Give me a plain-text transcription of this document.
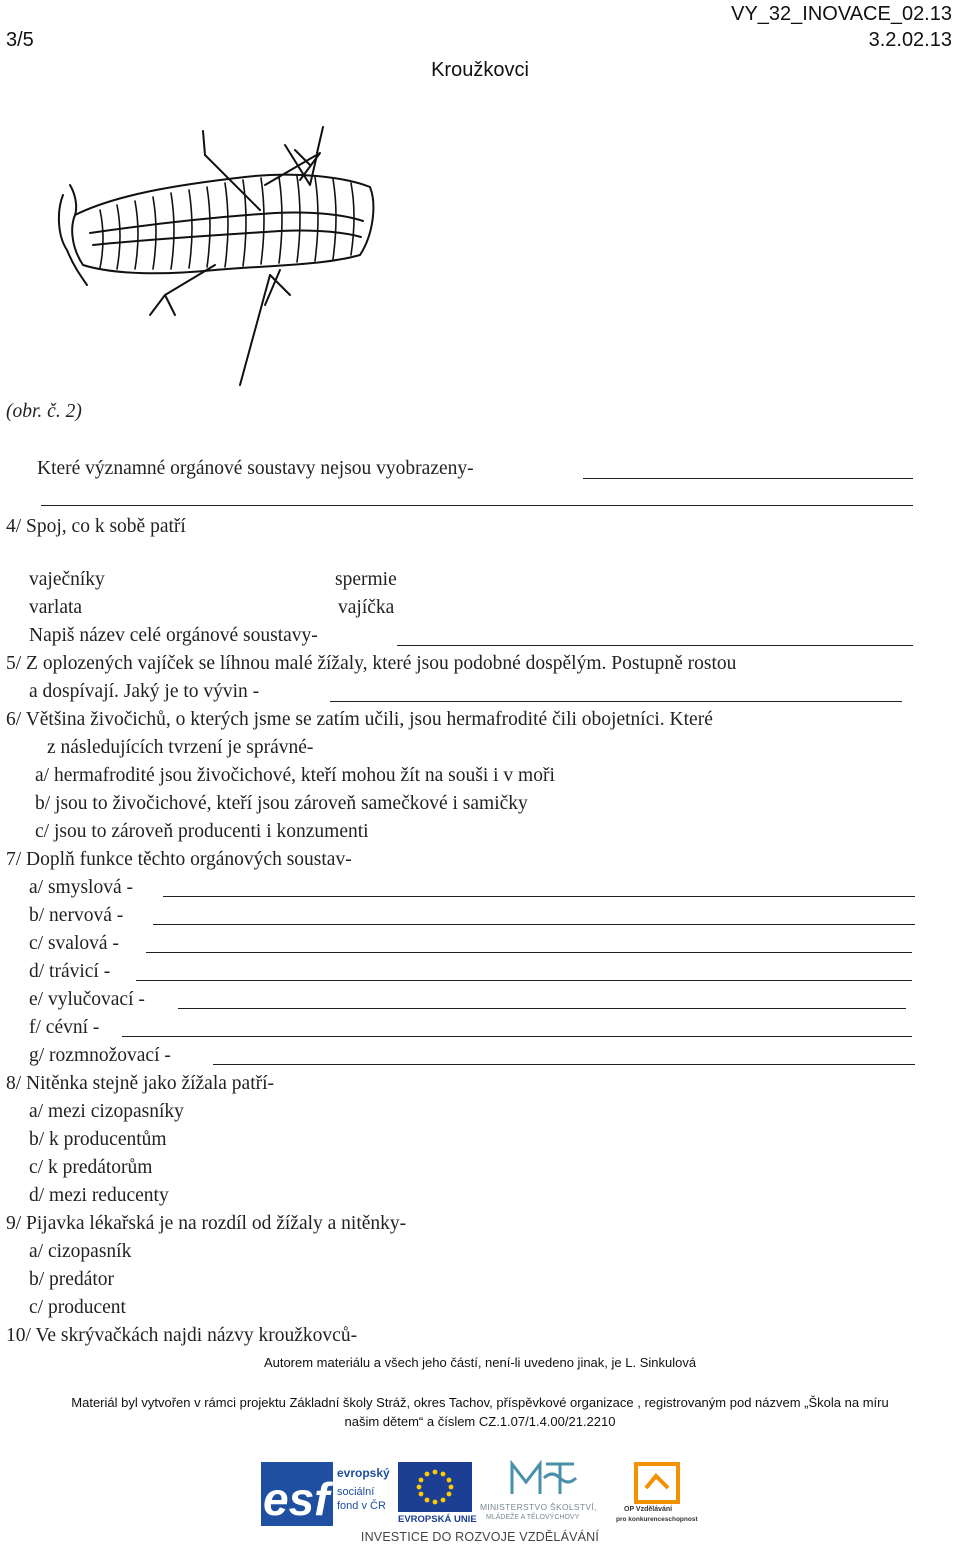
3/5
VY_32_INOVACE_02.13
3.2.02.13
Kroužkovci
(obr. č. 2)
Které významné orgánové soustavy nejsou vyobrazeny-
4/ Spoj, co k sobě patří
vaječníky	spermie
varlata	vajíčka
Napiš název celé orgánové soustavy-
5/ Z oplozených vajíček se líhnou malé žížaly, které jsou podobné dospělým. Postupně rostou
a dospívají. Jaký je to vývin -
6/ Většina živočichů, o kterých jsme se zatím učili, jsou hermafrodité čili obojetníci. Které
z následujících tvrzení je správné-
a/ hermafrodité jsou živočichové, kteří mohou žít na souši i v moři
b/ jsou to živočichové, kteří jsou zároveň samečkové i samičky
c/ jsou to zároveň producenti i konzumenti
7/ Doplň funkce těchto orgánových soustav-
a/ smyslová -
b/ nervová -
c/ svalová -
d/ trávicí -
e/ vylučovací -
f/ cévní -
g/ rozmnožovací -
8/ Nitěnka stejně jako žížala patří-
a/ mezi cizopasníky
b/ k producentům
c/ k predátorům
d/ mezi reducenty
9/ Pijavka lékařská je na rozdíl od žížaly a nitěnky-
a/ cizopasník
b/ predátor
c/ producent
10/ Ve skrývačkách najdi názvy kroužkovců-
Autorem materiálu a všech jeho částí, není-li uvedeno jinak, je L. Sinkulová
Materiál byl vytvořen v rámci projektu Základní školy Stráž, okres Tachov, příspěvkové organizace , registrovaným pod názvem „Škola na míru
našim dětem“ a číslem CZ.1.07/1.4.00/21.2210
esf evropský
sociální
fond v ČR
EVROPSKÁ UNIE
MINISTERSTVO ŠKOLSTVÍ,
MLÁDEŽE A TĚLOVÝCHOVY
OP Vzdělávání
pro konkurenceschopnost
INVESTICE DO ROZVOJE VZDĚLÁVÁNÍ
